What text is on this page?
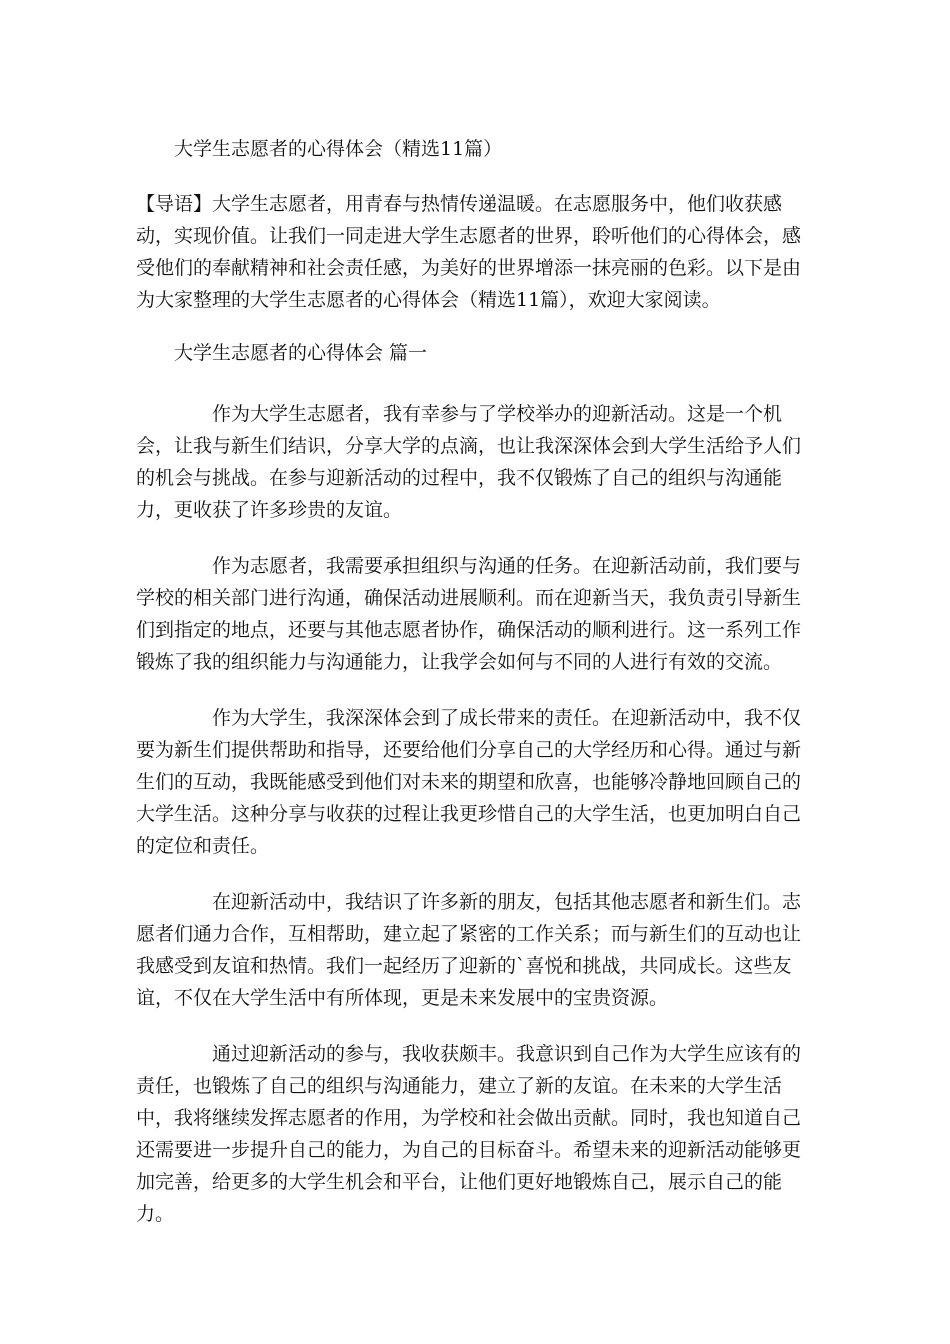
大学生志愿者的心得体会（精选11篇）
【导语】大学生志愿者，用青春与热情传递温暖。在志愿服务中，他们收获感动，实现价值。让我们一同走进大学生志愿者的世界，聆听他们的心得体会，感受他们的奉献精神和社会责任感，为美好的世界增添一抹亮丽的色彩。以下是由为大家整理的大学生志愿者的心得体会（精选11篇），欢迎大家阅读。
大学生志愿者的心得体会 篇一
作为大学生志愿者，我有幸参与了学校举办的迎新活动。这是一个机会，让我与新生们结识，分享大学的点滴，也让我深深体会到大学生活给予人们的机会与挑战。在参与迎新活动的过程中，我不仅锻炼了自己的组织与沟通能力，更收获了许多珍贵的友谊。
作为志愿者，我需要承担组织与沟通的任务。在迎新活动前，我们要与学校的相关部门进行沟通，确保活动进展顺利。而在迎新当天，我负责引导新生们到指定的地点，还要与其他志愿者协作，确保活动的顺利进行。这一系列工作锻炼了我的组织能力与沟通能力，让我学会如何与不同的人进行有效的交流。
作为大学生，我深深体会到了成长带来的责任。在迎新活动中，我不仅要为新生们提供帮助和指导，还要给他们分享自己的大学经历和心得。通过与新生们的互动，我既能感受到他们对未来的期望和欣喜，也能够冷静地回顾自己的大学生活。这种分享与收获的过程让我更珍惜自己的大学生活，也更加明白自己的定位和责任。
在迎新活动中，我结识了许多新的朋友，包括其他志愿者和新生们。志愿者们通力合作，互相帮助，建立起了紧密的工作关系；而与新生们的互动也让我感受到友谊和热情。我们一起经历了迎新的`喜悦和挑战，共同成长。这些友谊，不仅在大学生活中有所体现，更是未来发展中的宝贵资源。
通过迎新活动的参与，我收获颇丰。我意识到自己作为大学生应该有的责任，也锻炼了自己的组织与沟通能力，建立了新的友谊。在未来的大学生活中，我将继续发挥志愿者的作用，为学校和社会做出贡献。同时，我也知道自己还需要进一步提升自己的能力，为自己的目标奋斗。希望未来的迎新活动能够更加完善，给更多的大学生机会和平台，让他们更好地锻炼自己，展示自己的能力。
